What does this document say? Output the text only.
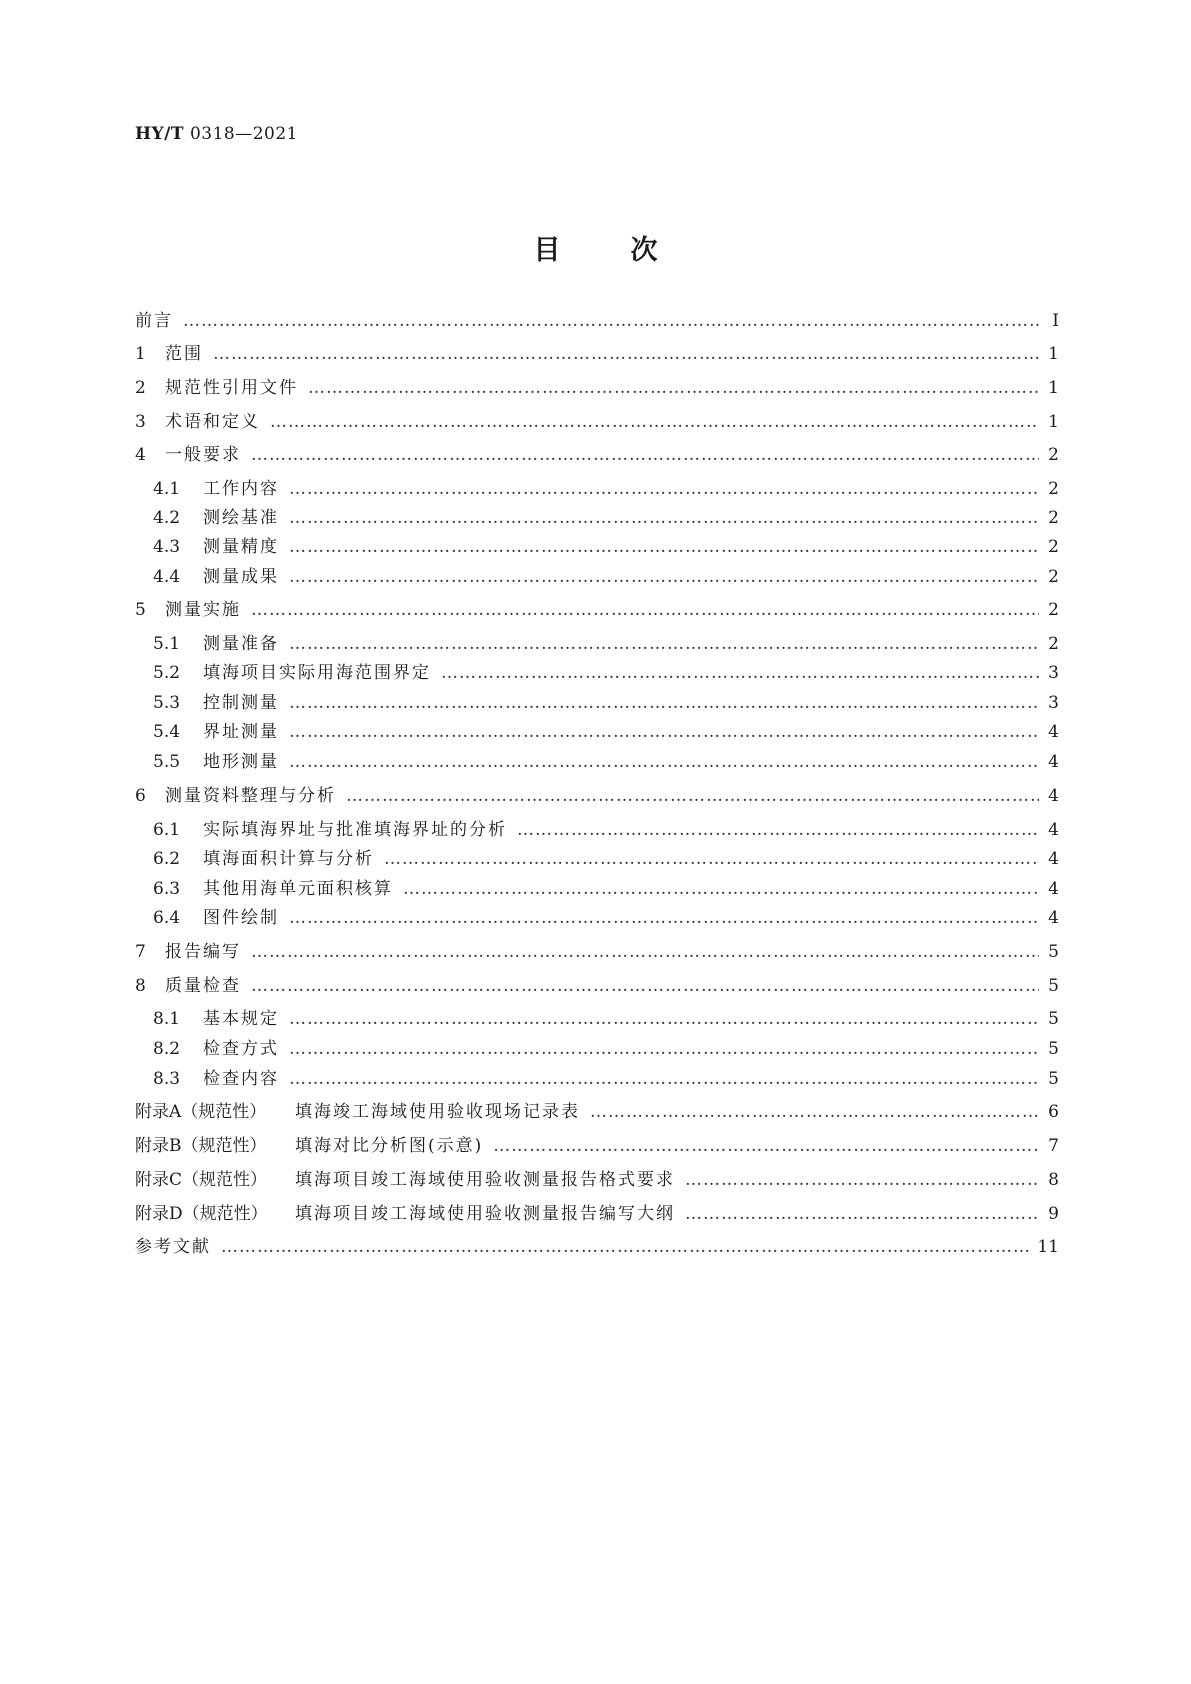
HY/T 0318—2021
目次
前言 …………………………………………………………………………………………………………………………………………………………………………………………………………………………………………	Ⅰ
1	范围 …………………………………………………………………………………………………………………………………………………………………………………………………………………………………………	1
2	规范性引用文件 …………………………………………………………………………………………………………………………………………………………………………………………………………………………………………	1
3	术语和定义 …………………………………………………………………………………………………………………………………………………………………………………………………………………………………………	1
4	一般要求 …………………………………………………………………………………………………………………………………………………………………………………………………………………………………………	2
4.1	工作内容 …………………………………………………………………………………………………………………………………………………………………………………………………………………………………………	2
4.2	测绘基准 …………………………………………………………………………………………………………………………………………………………………………………………………………………………………………	2
4.3	测量精度 …………………………………………………………………………………………………………………………………………………………………………………………………………………………………………	2
4.4	测量成果 …………………………………………………………………………………………………………………………………………………………………………………………………………………………………………	2
5	测量实施 …………………………………………………………………………………………………………………………………………………………………………………………………………………………………………	2
5.1	测量准备 …………………………………………………………………………………………………………………………………………………………………………………………………………………………………………	2
5.2	填海项目实际用海范围界定 …………………………………………………………………………………………………………………………………………………………………………………………………………………………………………	3
5.3	控制测量 …………………………………………………………………………………………………………………………………………………………………………………………………………………………………………	3
5.4	界址测量 …………………………………………………………………………………………………………………………………………………………………………………………………………………………………………	4
5.5	地形测量 …………………………………………………………………………………………………………………………………………………………………………………………………………………………………………	4
6	测量资料整理与分析 …………………………………………………………………………………………………………………………………………………………………………………………………………………………………………	4
6.1	实际填海界址与批准填海界址的分析 …………………………………………………………………………………………………………………………………………………………………………………………………………………………………………	4
6.2	填海面积计算与分析 …………………………………………………………………………………………………………………………………………………………………………………………………………………………………………	4
6.3	其他用海单元面积核算 …………………………………………………………………………………………………………………………………………………………………………………………………………………………………………	4
6.4	图件绘制 …………………………………………………………………………………………………………………………………………………………………………………………………………………………………………	4
7	报告编写 …………………………………………………………………………………………………………………………………………………………………………………………………………………………………………	5
8	质量检查 …………………………………………………………………………………………………………………………………………………………………………………………………………………………………………	5
8.1	基本规定 …………………………………………………………………………………………………………………………………………………………………………………………………………………………………………	5
8.2	检查方式 …………………………………………………………………………………………………………………………………………………………………………………………………………………………………………	5
8.3	检查内容 …………………………………………………………………………………………………………………………………………………………………………………………………………………………………………	5
附录A（规范性）	填海竣工海域使用验收现场记录表 …………………………………………………………………………………………………………………………………………………………………………………………………………………………………………	6
附录B（规范性）	填海对比分析图(示意) …………………………………………………………………………………………………………………………………………………………………………………………………………………………………………	7
附录C（规范性）	填海项目竣工海域使用验收测量报告格式要求 …………………………………………………………………………………………………………………………………………………………………………………………………………………………………………	8
附录D（规范性）	填海项目竣工海域使用验收测量报告编写大纲 …………………………………………………………………………………………………………………………………………………………………………………………………………………………………………	9
参考文献 …………………………………………………………………………………………………………………………………………………………………………………………………………………………………………	11
